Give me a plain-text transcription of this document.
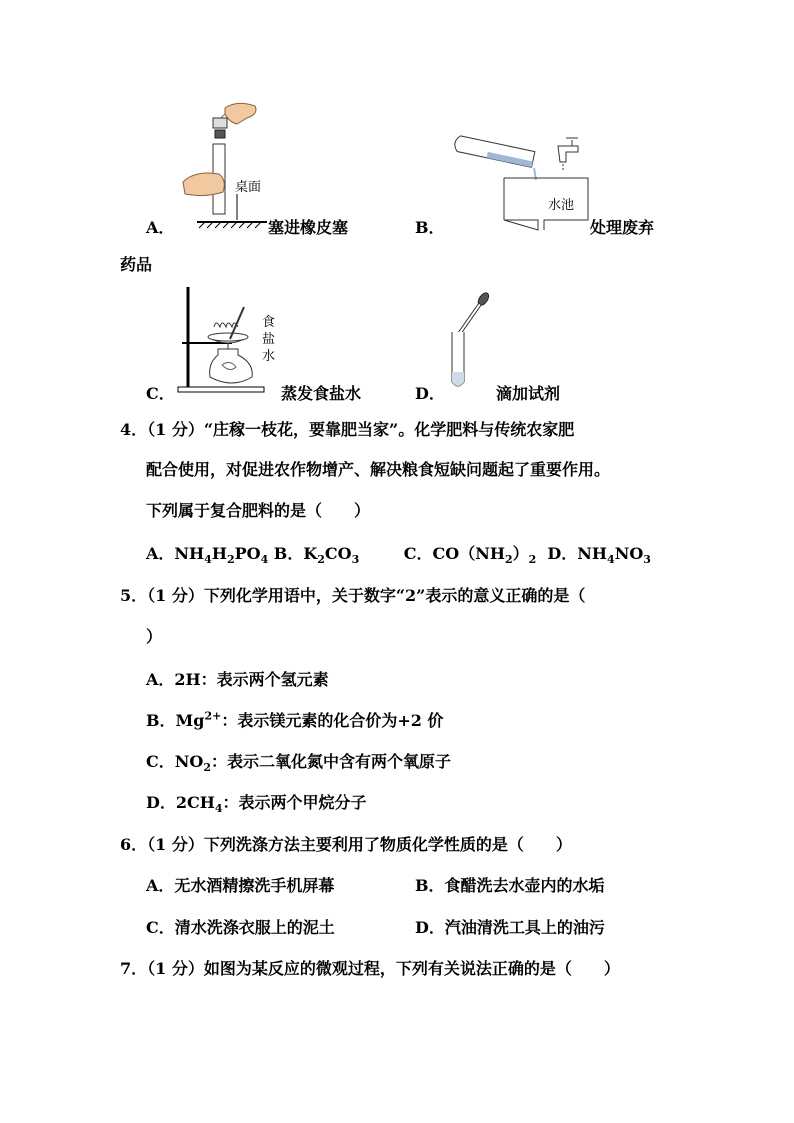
桌面
水池
A．	塞进橡皮塞	B．	处理废弃
药品
食
盐
水
C．	蒸发食盐水	D．	滴加试剂
4．（1 分）“庄稼一枝花，要靠肥当家”。化学肥料与传统农家肥
配合使用，对促进农作物增产、解决粮食短缺问题起了重要作用。
下列属于复合肥料的是（　　）
A．$NH_4H_2PO_4$ B．$K_2CO_3$        C．$CO(NH_2)_2$  D．$NH_4NO_3$
5．（1 分）下列化学用语中，关于数字“2”表示的意义正确的是（
）
A．2H：表示两个氢元素
B．$Mg^{2+}$：表示镁元素的化合价为+2 价
C．$NO_2$：表示二氧化氮中含有两个氧原子
D．$2CH_4$：表示两个甲烷分子
6．（1 分）下列洗涤方法主要利用了物质化学性质的是（　　）
A．无水酒精擦洗手机屏幕	B．食醋洗去水壶内的水垢
C．清水洗涤衣服上的泥土	D．汽油清洗工具上的油污
7．（1 分）如图为某反应的微观过程，下列有关说法正确的是（　　）
